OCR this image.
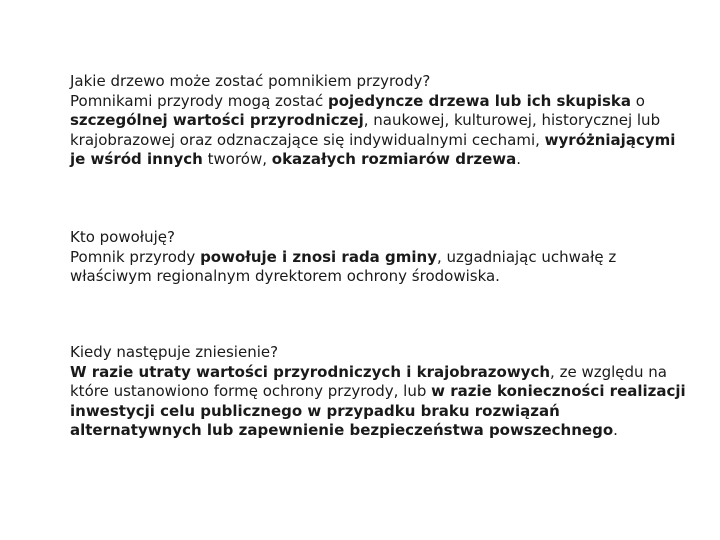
Jakie drzewo może zostać pomnikiem przyrody?

Pomnikami przyrody mogą zostać pojedyncze drzewa lub ich skupiska o szczególnej wartości przyrodniczej, naukowej, kulturowej, historycznej lub krajobrazowej oraz odznaczające się indywidualnymi cechami, wyróżniającymi je wśród innych tworów, okazałych rozmiarów drzewa.

Kto powołuję?

Pomnik przyrody powołuje i znosi rada gminy, uzgadniając uchwałę z właściwym regionalnym dyrektorem ochrony środowiska.

Kiedy następuje zniesienie?

W razie utraty wartości przyrodniczych i krajobrazowych, ze względu na które ustanowiono formę ochrony przyrody, lub w razie konieczności realizacji inwestycji celu publicznego w przypadku braku rozwiązań alternatywnych lub zapewnienie bezpieczeństwa powszechnego.
